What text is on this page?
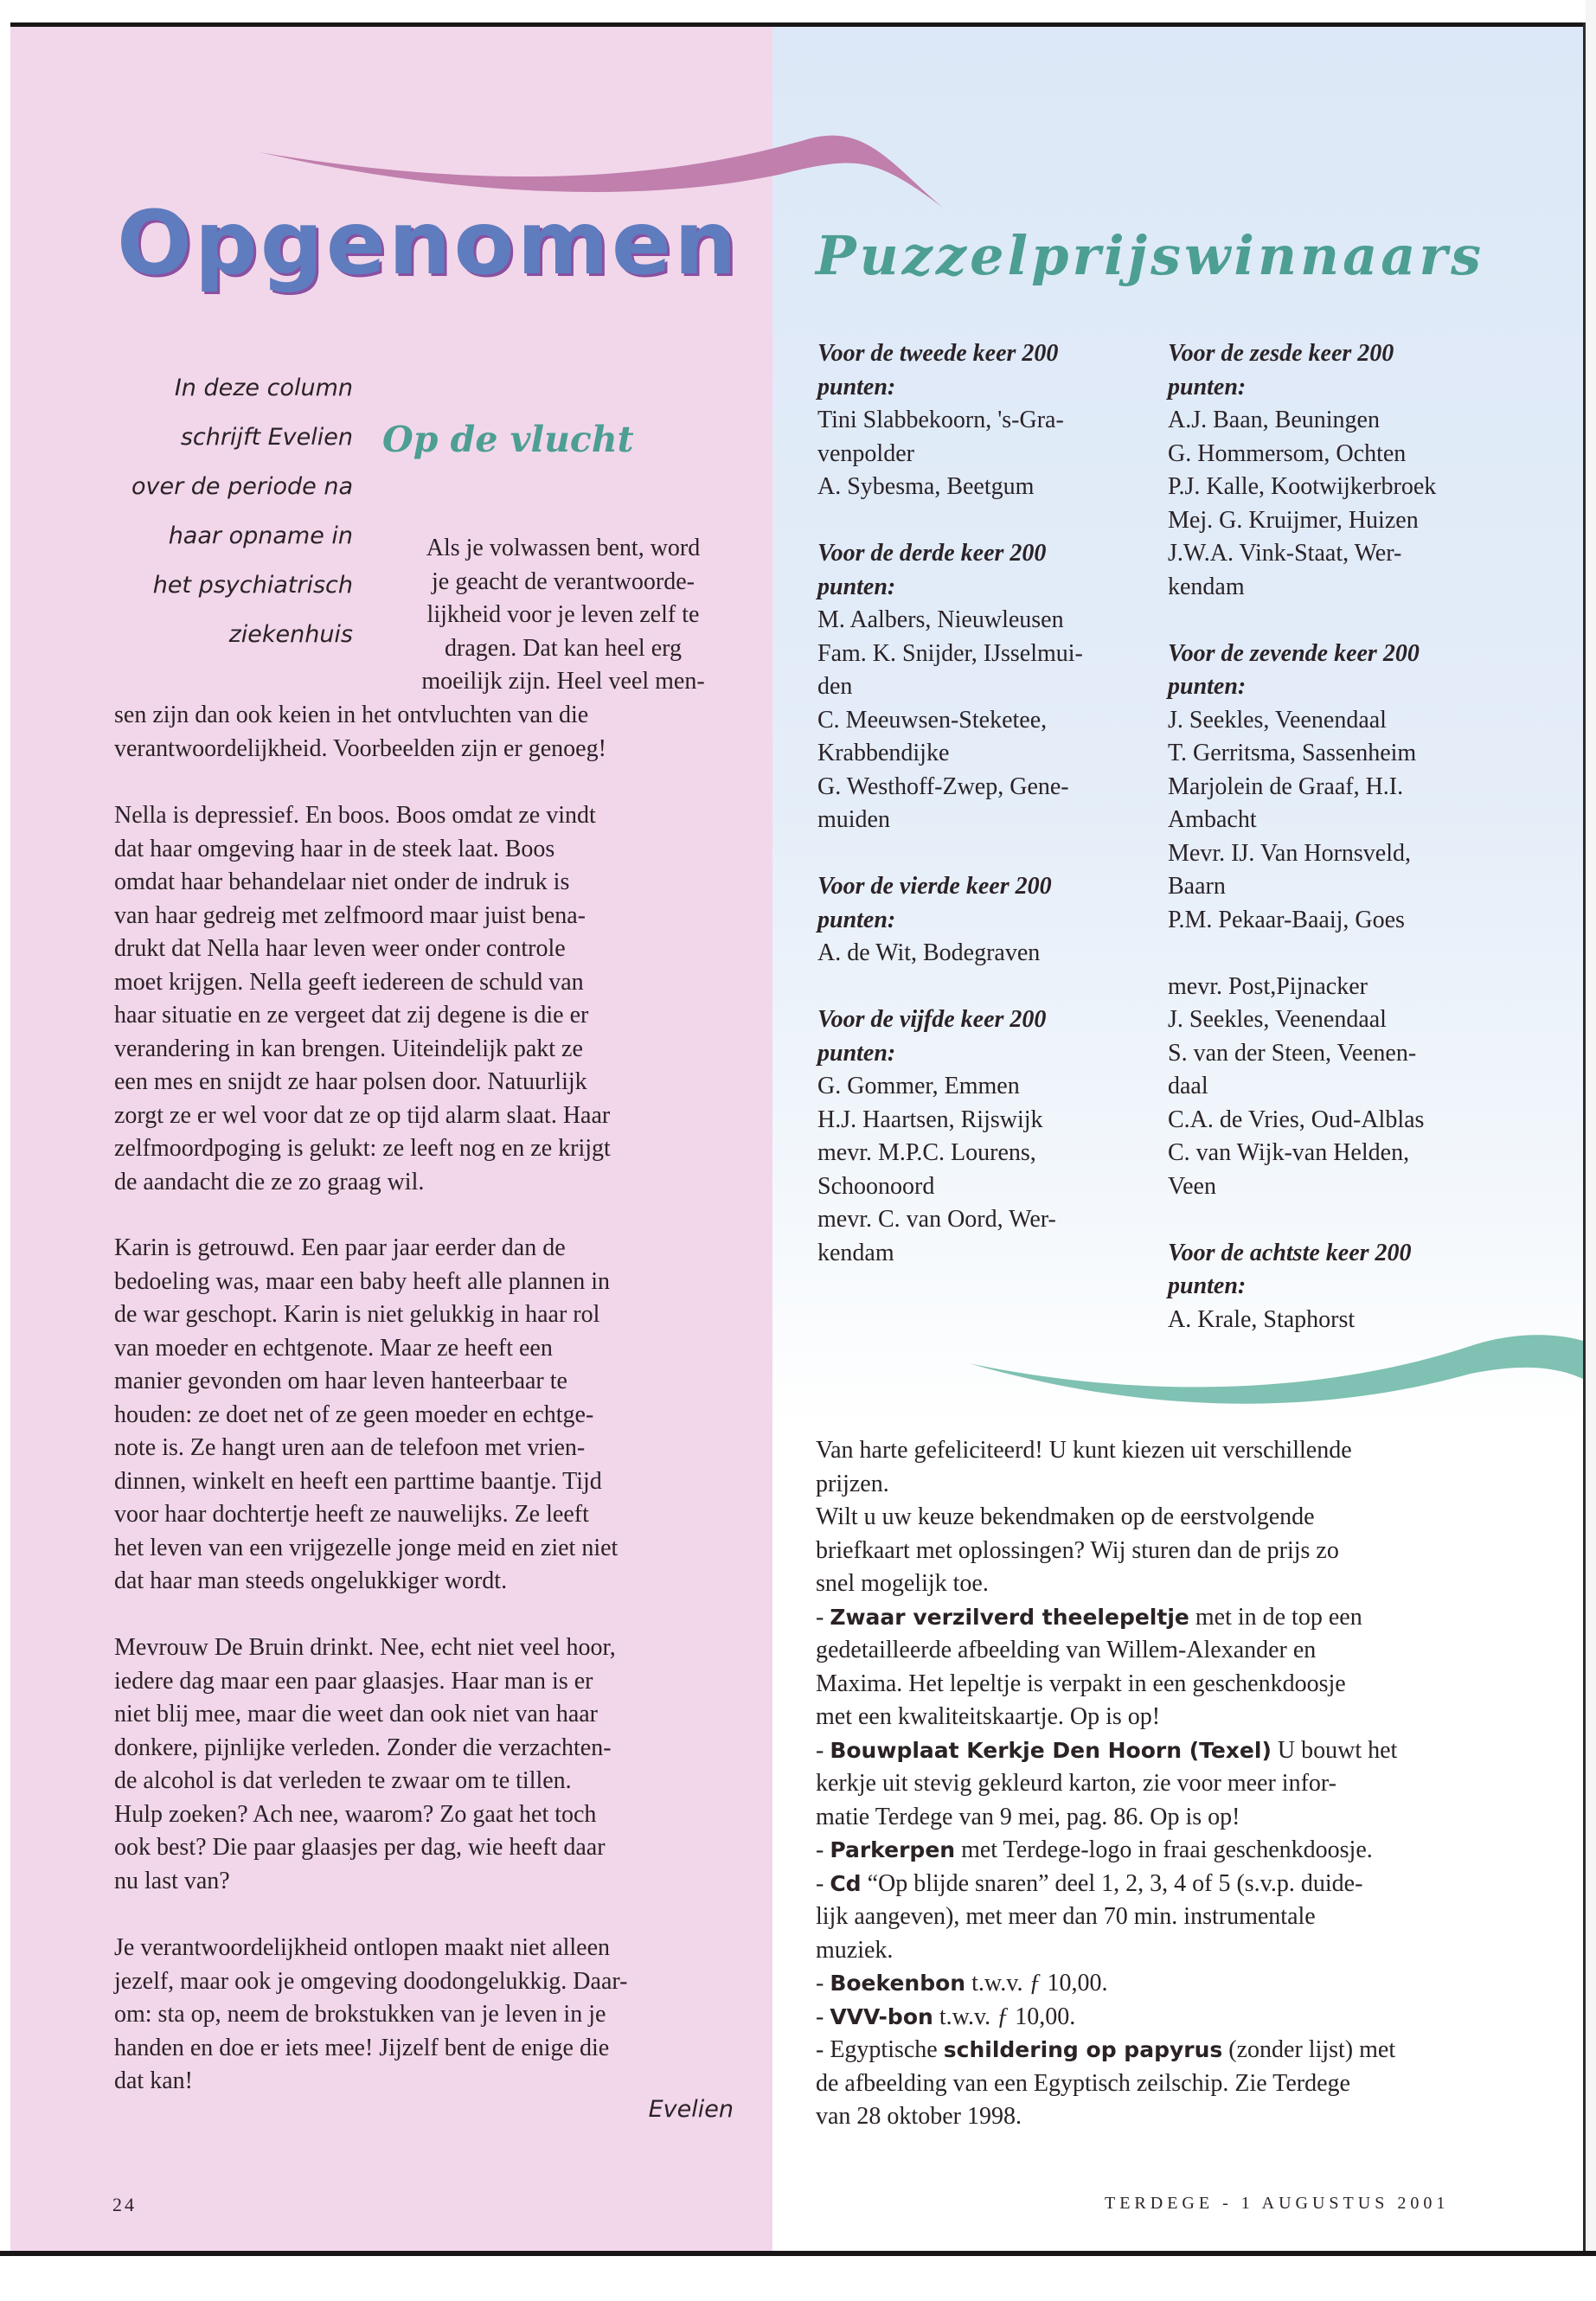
Opgenomen Puzzelprijswinnaars
In deze column
schrijft Evelien
over de periode na
haar opname in
het psychiatrisch
ziekenhuis
Op de vlucht
Als je volwassen bent, word
je geacht de verantwoorde-
lijkheid voor je leven zelf te
dragen. Dat kan heel erg
moeilijk zijn. Heel veel men-
sen zijn dan ook keien in het ontvluchten van die
verantwoordelijkheid. Voorbeelden zijn er genoeg!
Nella is depressief. En boos. Boos omdat ze vindt
dat haar omgeving haar in de steek laat. Boos
omdat haar behandelaar niet onder de indruk is
van haar gedreig met zelfmoord maar juist bena-
drukt dat Nella haar leven weer onder controle
moet krijgen. Nella geeft iedereen de schuld van
haar situatie en ze vergeet dat zij degene is die er
verandering in kan brengen. Uiteindelijk pakt ze
een mes en snijdt ze haar polsen door. Natuurlijk
zorgt ze er wel voor dat ze op tijd alarm slaat. Haar
zelfmoordpoging is gelukt: ze leeft nog en ze krijgt
de aandacht die ze zo graag wil.
Karin is getrouwd. Een paar jaar eerder dan de
bedoeling was, maar een baby heeft alle plannen in
de war geschopt. Karin is niet gelukkig in haar rol
van moeder en echtgenote. Maar ze heeft een
manier gevonden om haar leven hanteerbaar te
houden: ze doet net of ze geen moeder en echtge-
note is. Ze hangt uren aan de telefoon met vrien-
dinnen, winkelt en heeft een parttime baantje. Tijd
voor haar dochtertje heeft ze nauwelijks. Ze leeft
het leven van een vrijgezelle jonge meid en ziet niet
dat haar man steeds ongelukkiger wordt.
Mevrouw De Bruin drinkt. Nee, echt niet veel hoor,
iedere dag maar een paar glaasjes. Haar man is er
niet blij mee, maar die weet dan ook niet van haar
donkere, pijnlijke verleden. Zonder die verzachten-
de alcohol is dat verleden te zwaar om te tillen.
Hulp zoeken? Ach nee, waarom? Zo gaat het toch
ook best? Die paar glaasjes per dag, wie heeft daar
nu last van?
Je verantwoordelijkheid ontlopen maakt niet alleen
jezelf, maar ook je omgeving doodongelukkig. Daar-
om: sta op, neem de brokstukken van je leven in je
handen en doe er iets mee! Jijzelf bent de enige die
dat kan!

Evelien

Voor de tweede keer 200
punten:
Tini Slabbekoorn, 's-Gra-
venpolder
A. Sybesma, Beetgum
Voor de derde keer 200
punten:
M. Aalbers, Nieuwleusen
Fam. K. Snijder, IJsselmui-
den
C. Meeuwsen-Steketee,
Krabbendijke
G. Westhoff-Zwep, Gene-
muiden
Voor de vierde keer 200
punten:
A. de Wit, Bodegraven
Voor de vijfde keer 200
punten:
G. Gommer, Emmen
H.J. Haartsen, Rijswijk
mevr. M.P.C. Lourens,
Schoonoord
mevr. C. van Oord, Wer-
kendam
Voor de zesde keer 200
punten:
A.J. Baan, Beuningen
G. Hommersom, Ochten
P.J. Kalle, Kootwijkerbroek
Mej. G. Kruijmer, Huizen
J.W.A. Vink-Staat, Wer-
kendam
Voor de zevende keer 200
punten:
J. Seekles, Veenendaal
T. Gerritsma, Sassenheim
Marjolein de Graaf, H.I.
Ambacht
Mevr. IJ. Van Hornsveld,
Baarn
P.M. Pekaar-Baaij, Goes
mevr. Post,Pijnacker
J. Seekles, Veenendaal
S. van der Steen, Veenen-
daal
C.A. de Vries, Oud-Alblas
C. van Wijk-van Helden,
Veen
Voor de achtste keer 200
punten:
A. Krale, Staphorst
Van harte gefeliciteerd! U kunt kiezen uit verschillende
prijzen.
Wilt u uw keuze bekendmaken op de eerstvolgende
briefkaart met oplossingen? Wij sturen dan de prijs zo
snel mogelijk toe.
- Zwaar verzilverd theelepeltje met in de top een
gedetailleerde afbeelding van Willem-Alexander en
Maxima. Het lepeltje is verpakt in een geschenkdoosje
met een kwaliteitskaartje. Op is op!
- Bouwplaat Kerkje Den Hoorn (Texel) U bouwt het
kerkje uit stevig gekleurd karton, zie voor meer infor-
matie Terdege van 9 mei, pag. 86. Op is op!
- Parkerpen met Terdege-logo in fraai geschenkdoosje.
- Cd “Op blijde snaren” deel 1, 2, 3, 4 of 5 (s.v.p. duide-
lijk aangeven), met meer dan 70 min. instrumentale
muziek.
- Boekenbon t.w.v. ƒ 10,00.
- VVV-bon t.w.v. ƒ 10,00.
- Egyptische schildering op papyrus (zonder lijst) met
de afbeelding van een Egyptisch zeilschip. Zie Terdege
van 28 oktober 1998.

24	TERDEGE - 1 AUGUSTUS 2001
